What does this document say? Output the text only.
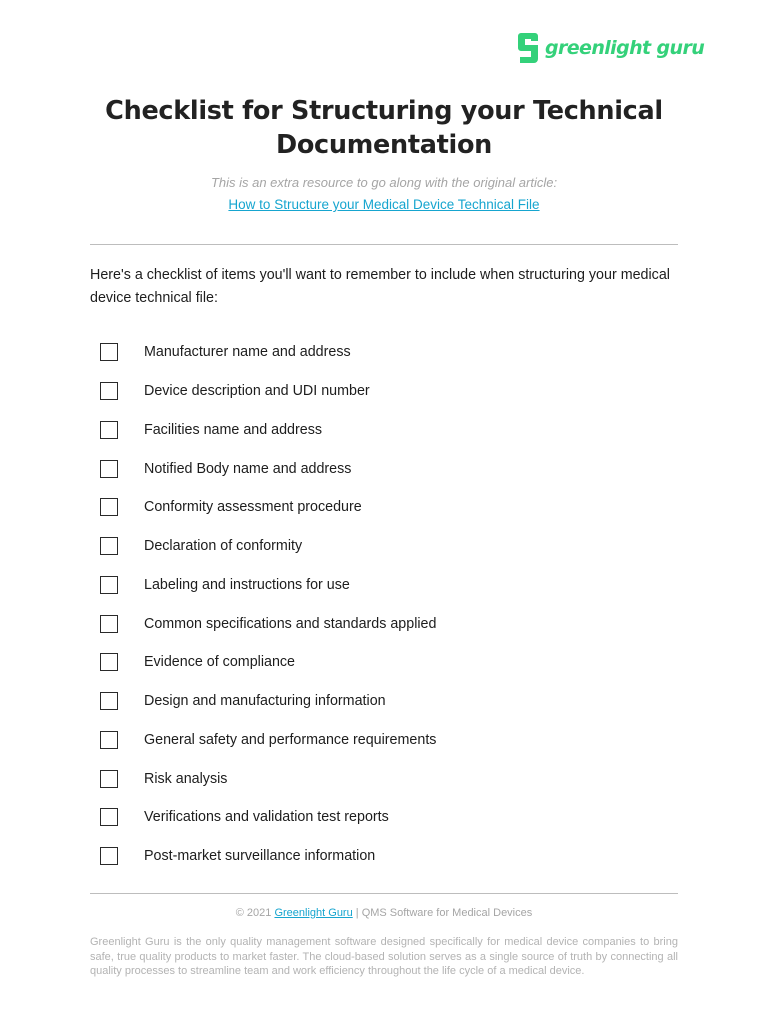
greenlight guru
Checklist for Structuring your Technical Documentation
This is an extra resource to go along with the original article:
How to Structure your Medical Device Technical File

Here's a checklist of items you'll want to remember to include when structuring your medical device technical file:

Manufacturer name and address
Device description and UDI number
Facilities name and address
Notified Body name and address
Conformity assessment procedure
Declaration of conformity
Labeling and instructions for use
Common specifications and standards applied
Evidence of compliance
Design and manufacturing information
General safety and performance requirements
Risk analysis
Verifications and validation test reports
Post-market surveillance information
© 2021 Greenlight Guru | QMS Software for Medical Devices

Greenlight Guru is the only quality management software designed specifically for medical device companies to bring safe, true quality products to market faster. The cloud-based solution serves as a single source of truth by connecting all quality processes to streamline team and work efficiency throughout the life cycle of a medical device.
